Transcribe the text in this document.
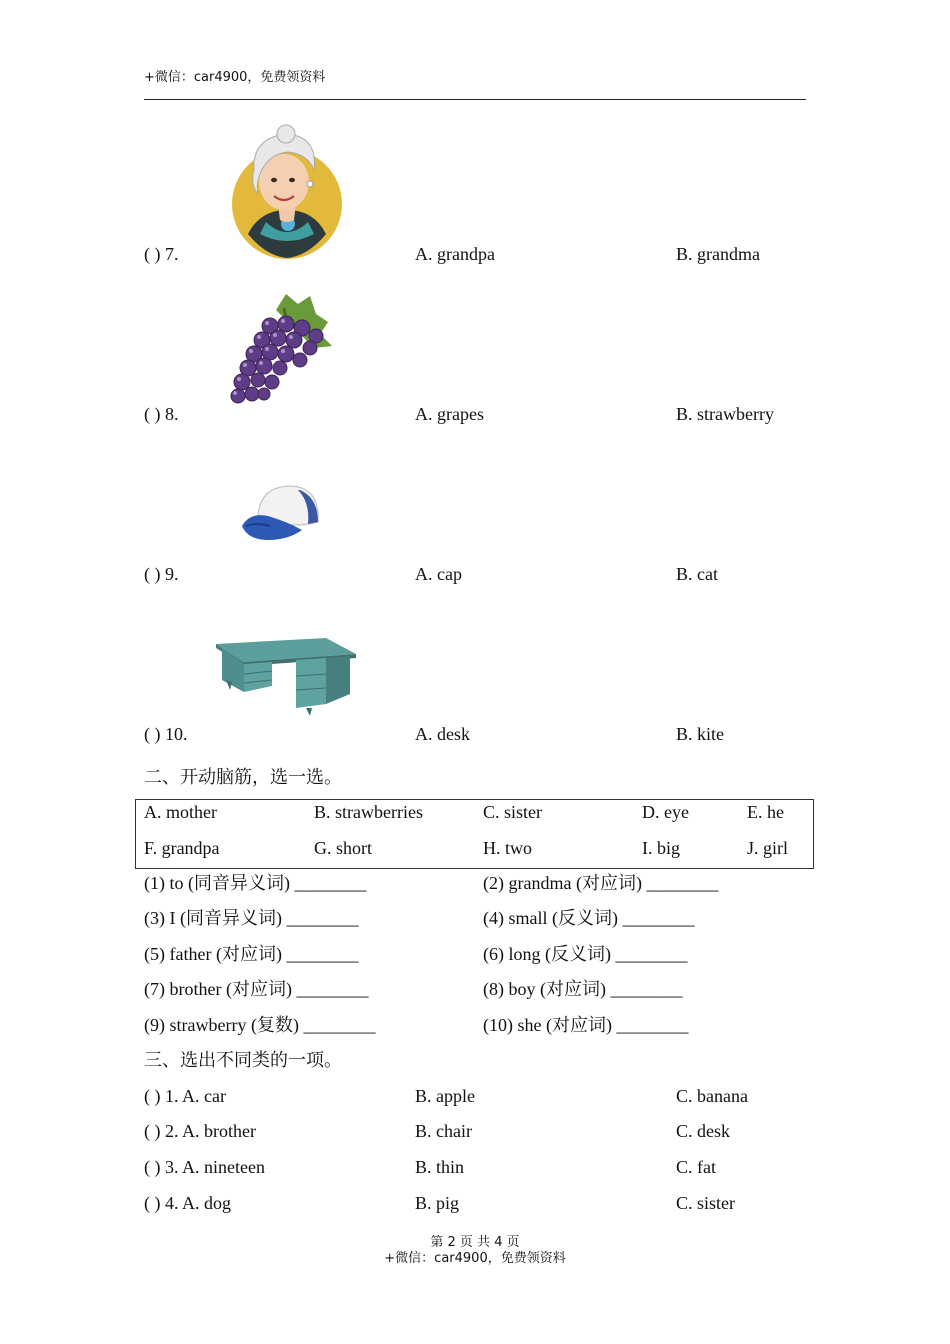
+微信：car4900，免费领资料
( ) 7.	A. grandpa	B. grandma
( ) 8.	A. grapes	B. strawberry
( ) 9.	A. cap	B. cat
( ) 10.	A. desk	B. kite
二、开动脑筋，选一选。
A. mother	B. strawberries	C. sister	D. eye	E. he
F. grandpa	G. short	H. two	I. big	J. girl
(1) to (同音异义词) ________	(2) grandma (对应词) ________
(3) I (同音异义词) ________	(4) small (反义词) ________
(5) father (对应词) ________	(6) long (反义词) ________
(7) brother (对应词) ________	(8) boy (对应词) ________
(9) strawberry (复数) ________	(10) she (对应词) ________
三、选出不同类的一项。
( ) 1. A. car	B. apple	C. banana
( ) 2. A. brother	B. chair	C. desk
( ) 3. A. nineteen	B. thin	C. fat
( ) 4. A. dog	B. pig	C. sister
第 2 页 共 4 页
+微信：car4900，免费领资料
